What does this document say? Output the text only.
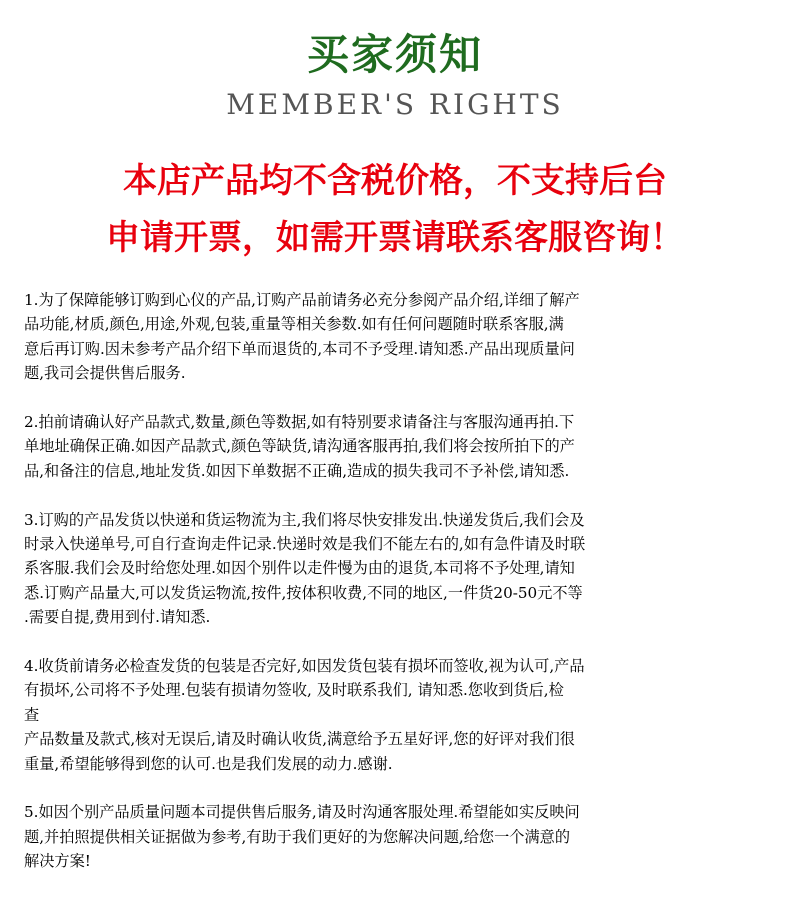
买家须知
MEMBER'S RIGHTS
本店产品均不含税价格，不支持后台
申请开票，如需开票请联系客服咨询！
1.为了保障能够订购到心仪的产品,订购产品前请务必充分参阅产品介绍,详细了解产
品功能,材质,颜色,用途,外观,包装,重量等相关参数.如有任何问题随时联系客服,满
意后再订购.因未参考产品介绍下单而退货的,本司不予受理.请知悉.产品出现质量问
题,我司会提供售后服务.
2.拍前请确认好产品款式,数量,颜色等数据,如有特别要求请备注与客服沟通再拍.下
单地址确保正确.如因产品款式,颜色等缺货,请沟通客服再拍,我们将会按所拍下的产
品,和备注的信息,地址发货.如因下单数据不正确,造成的损失我司不予补偿,请知悉.
3.订购的产品发货以快递和货运物流为主,我们将尽快安排发出.快递发货后,我们会及
时录入快递单号,可自行查询走件记录.快递时效是我们不能左右的,如有急件请及时联
系客服.我们会及时给您处理.如因个别件以走件慢为由的退货,本司将不予处理,请知
悉.订购产品量大,可以发货运物流,按件,按体积收费,不同的地区,一件货20-50元不等
.需要自提,费用到付.请知悉.
4.收货前请务必检查发货的包装是否完好,如因发货包装有损坏而签收,视为认可,产品
有损坏,公司将不予处理.包装有损请勿签收, 及时联系我们, 请知悉.您收到货后,检
查
产品数量及款式,核对无误后,请及时确认收货,满意给予五星好评,您的好评对我们很
重量,希望能够得到您的认可.也是我们发展的动力.感谢.
5.如因个别产品质量问题本司提供售后服务,请及时沟通客服处理.希望能如实反映问
题,并拍照提供相关证据做为参考,有助于我们更好的为您解决问题,给您一个满意的
解决方案!
